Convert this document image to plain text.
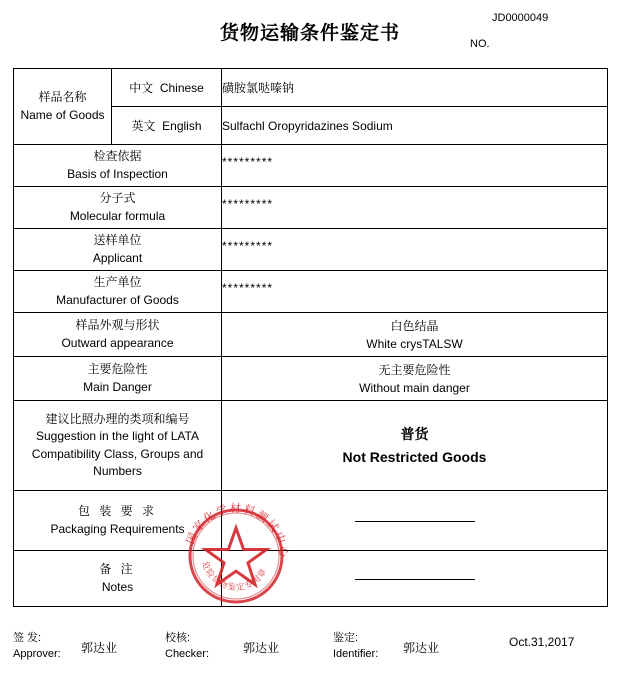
货物运输条件鉴定书
JD0000049
NO.
样品名称
Name of Goods	中文 Chinese	磺胺氯哒嗪钠
	英文 English	Sulfachl Oropyridazines Sodium

检查依据
Basis of Inspection		*********

分子式
Molecular formula		*********

送样单位
Applicant		*********

生产单位
Manufacturer of Goods		*********

样品外观与形状
Outward appearance		白色结晶
White crysTALSW

主要危险性
Main Danger		无主要危险性
Without main danger

建议比照办理的类项和编号
Suggestion in the light of LATA Compatibility Class, Groups and Numbers		普货
Not Restricted Goods

包 装 要 求
Packaging Requirements		

备 注
Notes		

国家化学材料测试中心
危险货物鉴定专用章
签 发:
Approver: 郭达业
校核:
Checker:	郭达业
鉴定:
Identifier: 郭达业	Oct.31,2017
